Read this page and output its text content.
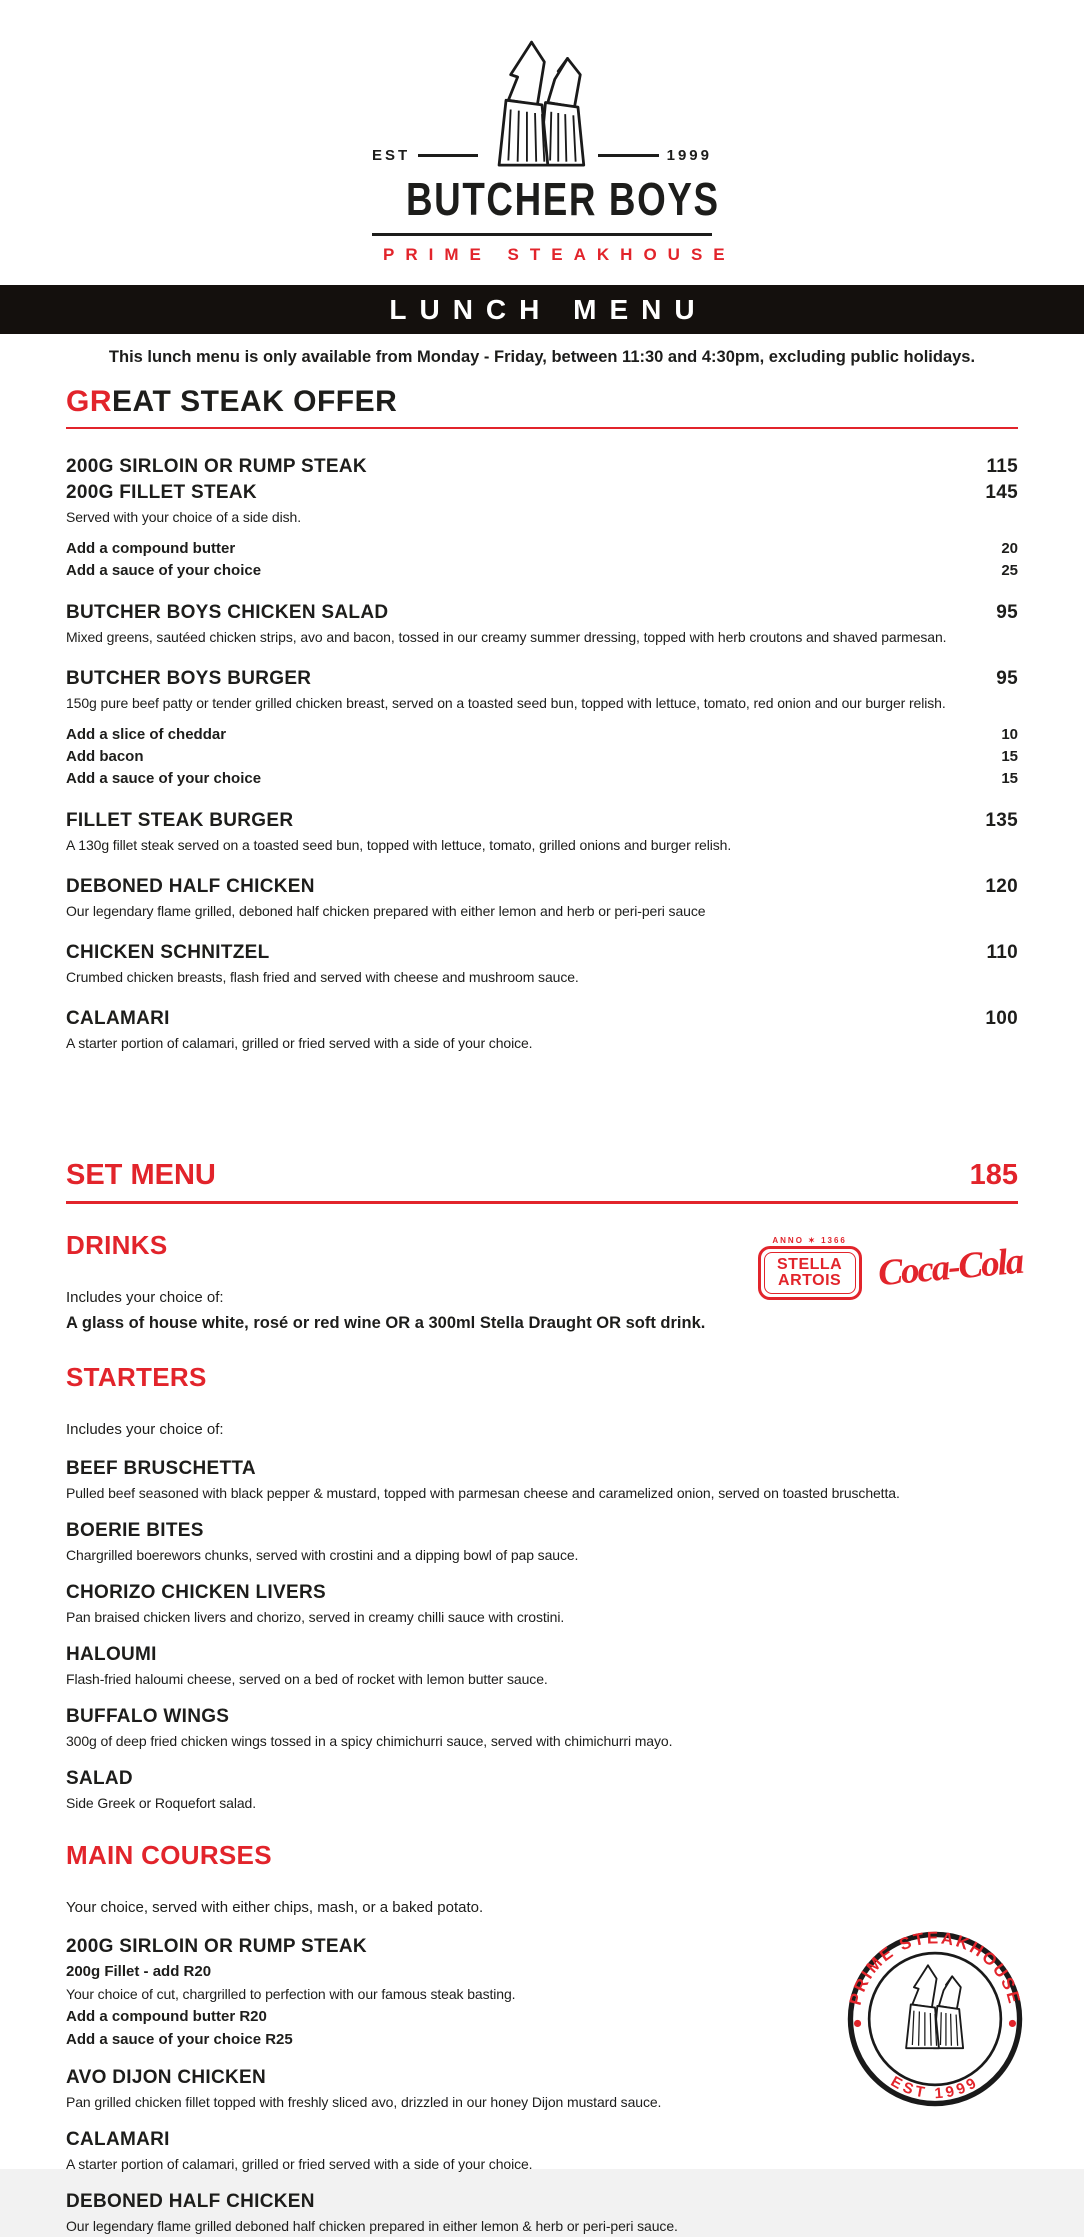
EST	1999
BUTCHER BOYS
PRIME STEAKHOUSE
LUNCH MENU

This lunch menu is only available from Monday - Friday, between 11:30 and 4:30pm, excluding public holidays.

GREAT STEAK OFFER
200G SIRLOIN OR RUMP STEAK	115
200G FILLET STEAK	145
Served with your choice of a side dish.
Add a compound butter	20
Add a sauce of your choice	25
BUTCHER BOYS CHICKEN SALAD	95
Mixed greens, sautéed chicken strips, avo and bacon, tossed in our creamy summer dressing, topped with herb croutons and shaved parmesan.
BUTCHER BOYS BURGER	95
150g pure beef patty or tender grilled chicken breast, served on a toasted seed bun, topped with lettuce, tomato, red onion and our burger relish.
Add a slice of cheddar	10
Add bacon	15
Add a sauce of your choice	15
FILLET STEAK BURGER	135
A 130g fillet steak served on a toasted seed bun, topped with lettuce, tomato, grilled onions and burger relish.
DEBONED HALF CHICKEN	120
Our legendary flame grilled, deboned half chicken prepared with either lemon and herb or peri-peri sauce
CHICKEN SCHNITZEL	110
Crumbed chicken breasts, flash fried and served with cheese and mushroom sauce.
CALAMARI	100
A starter portion of calamari, grilled or fried served with a side of your choice.
SET MENU	185
DRINKS
Includes your choice of:
A glass of house white, rosé or red wine OR a 300ml Stella Draught OR soft drink.
ANNO ✶ 1366
STELLA
ARTOIS Coca-Cola
STARTERS
Includes your choice of:
BEEF BRUSCHETTA
Pulled beef seasoned with black pepper & mustard, topped with parmesan cheese and caramelized onion, served on toasted bruschetta.
BOERIE BITES
Chargrilled boerewors chunks, served with crostini and a dipping bowl of pap sauce.
CHORIZO CHICKEN LIVERS
Pan braised chicken livers and chorizo, served in creamy chilli sauce with crostini.
HALOUMI
Flash-fried haloumi cheese, served on a bed of rocket with lemon butter sauce.
BUFFALO WINGS
300g of deep fried chicken wings tossed in a spicy chimichurri sauce, served with chimichurri mayo.
SALAD
Side Greek or Roquefort salad.
MAIN COURSES
Your choice, served with either chips, mash, or a baked potato.
200G SIRLOIN OR RUMP STEAK
200g Fillet - add R20
Your choice of cut, chargrilled to perfection with our famous steak basting.
Add a compound butter R20
Add a sauce of your choice R25
AVO DIJON CHICKEN
Pan grilled chicken fillet topped with freshly sliced avo, drizzled in our honey Dijon mustard sauce.
CALAMARI
A starter portion of calamari, grilled or fried served with a side of your choice.
DEBONED HALF CHICKEN
Our legendary flame grilled deboned half chicken prepared in either lemon & herb or peri-peri sauce.
PRIME STEAKHOUSE
EST 1999
